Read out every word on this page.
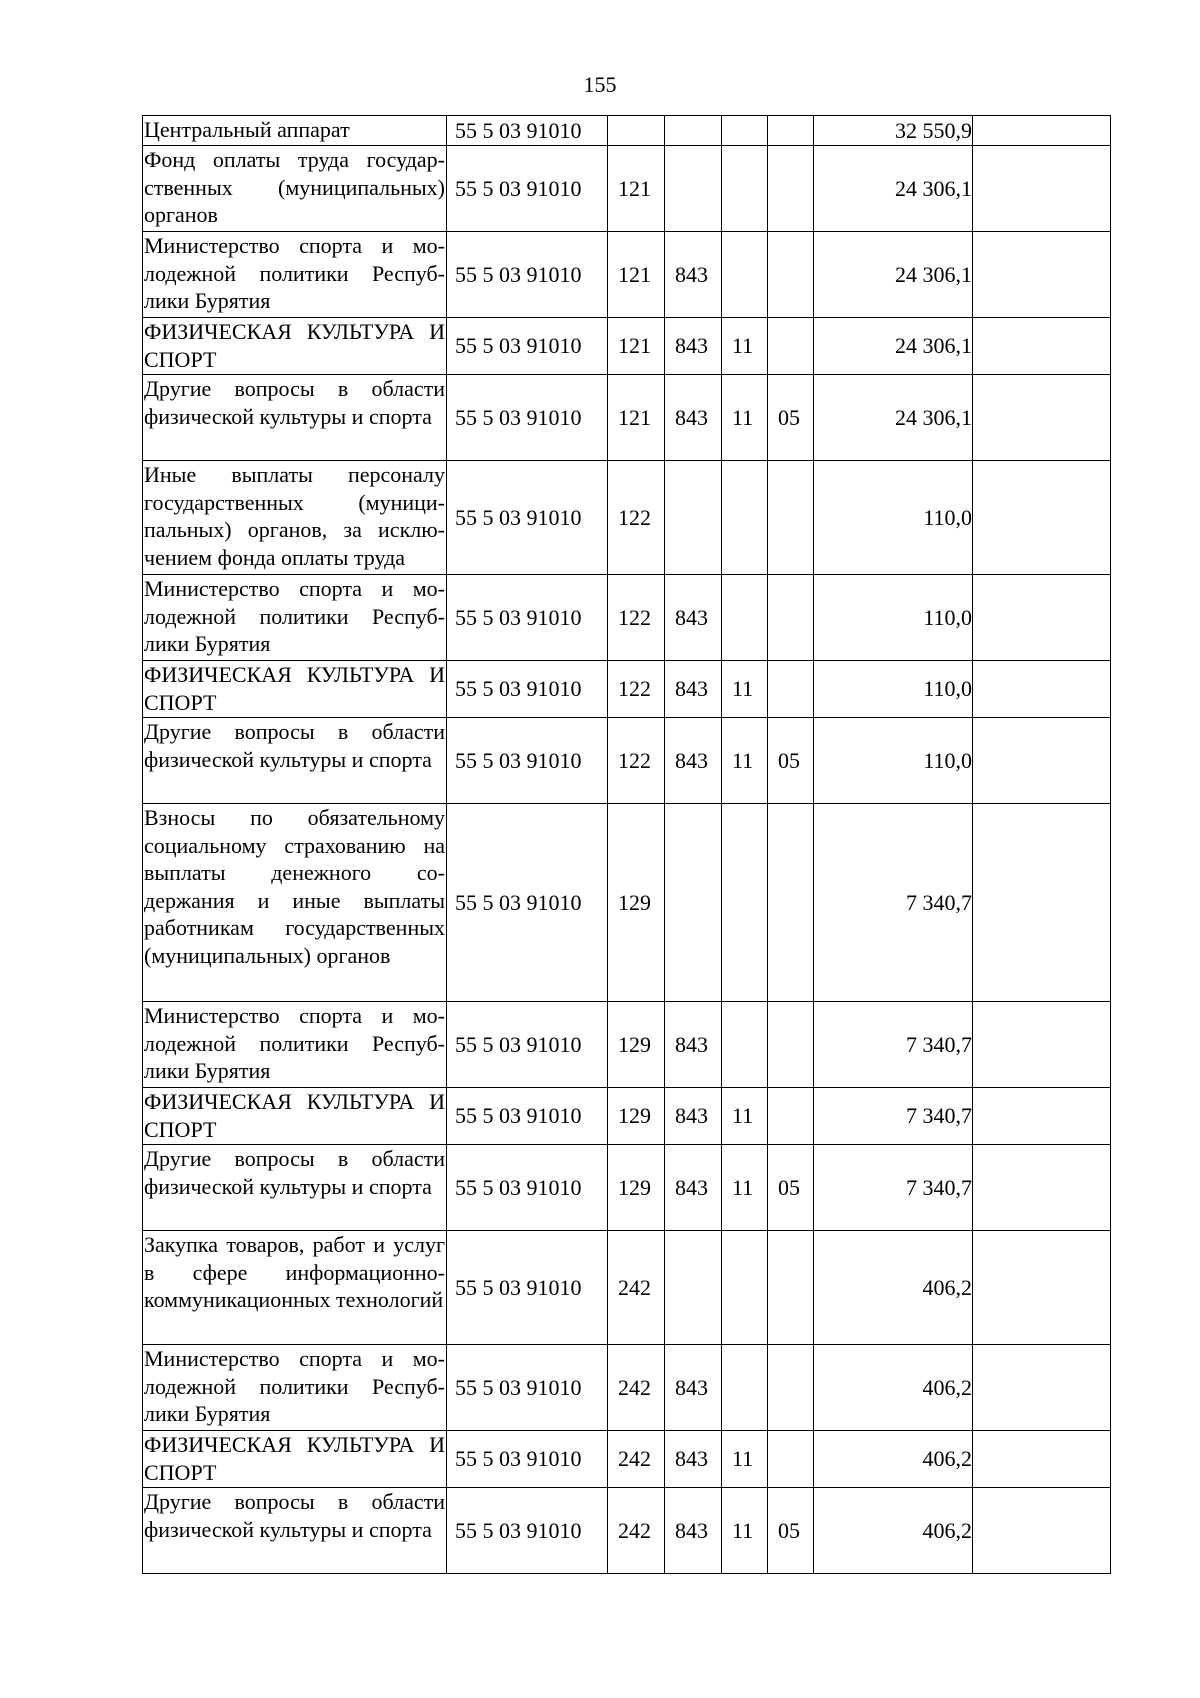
155
Центральный аппарат	55 5 03 91010					32 550,9	
Фонд оплаты труда государственных (муниципальных) органов	55 5 03 91010	121				24 306,1	
Министерство спорта и молодежной политики Республики Бурятия	55 5 03 91010	121	843			24 306,1	
ФИЗИЧЕСКАЯ КУЛЬТУРА И СПОРТ	55 5 03 91010	121	843	11		24 306,1	
Другие вопросы в области физической культуры и спорта	55 5 03 91010	121	843	11	05	24 306,1	
Иные выплаты персоналу государственных (муниципальных) органов, за исключением фонда оплаты труда	55 5 03 91010	122				110,0	
Министерство спорта и молодежной политики Республики Бурятия	55 5 03 91010	122	843			110,0	
ФИЗИЧЕСКАЯ КУЛЬТУРА И СПОРТ	55 5 03 91010	122	843	11		110,0	
Другие вопросы в области физической культуры и спорта	55 5 03 91010	122	843	11	05	110,0	
Взносы по обязательному социальному страхованию на выплаты денежного содержания и иные выплаты работникам государственных (муниципальных) органов	55 5 03 91010	129				7 340,7	
Министерство спорта и молодежной политики Республики Бурятия	55 5 03 91010	129	843			7 340,7	
ФИЗИЧЕСКАЯ КУЛЬТУРА И СПОРТ	55 5 03 91010	129	843	11		7 340,7	
Другие вопросы в области физической культуры и спорта	55 5 03 91010	129	843	11	05	7 340,7	
Закупка товаров, работ и услуг в сфере информационно-коммуникационных технологий	55 5 03 91010	242				406,2	
Министерство спорта и молодежной политики Республики Бурятия	55 5 03 91010	242	843			406,2	
ФИЗИЧЕСКАЯ КУЛЬТУРА И СПОРТ	55 5 03 91010	242	843	11		406,2	
Другие вопросы в области физической культуры и спорта	55 5 03 91010	242	843	11	05	406,2	
